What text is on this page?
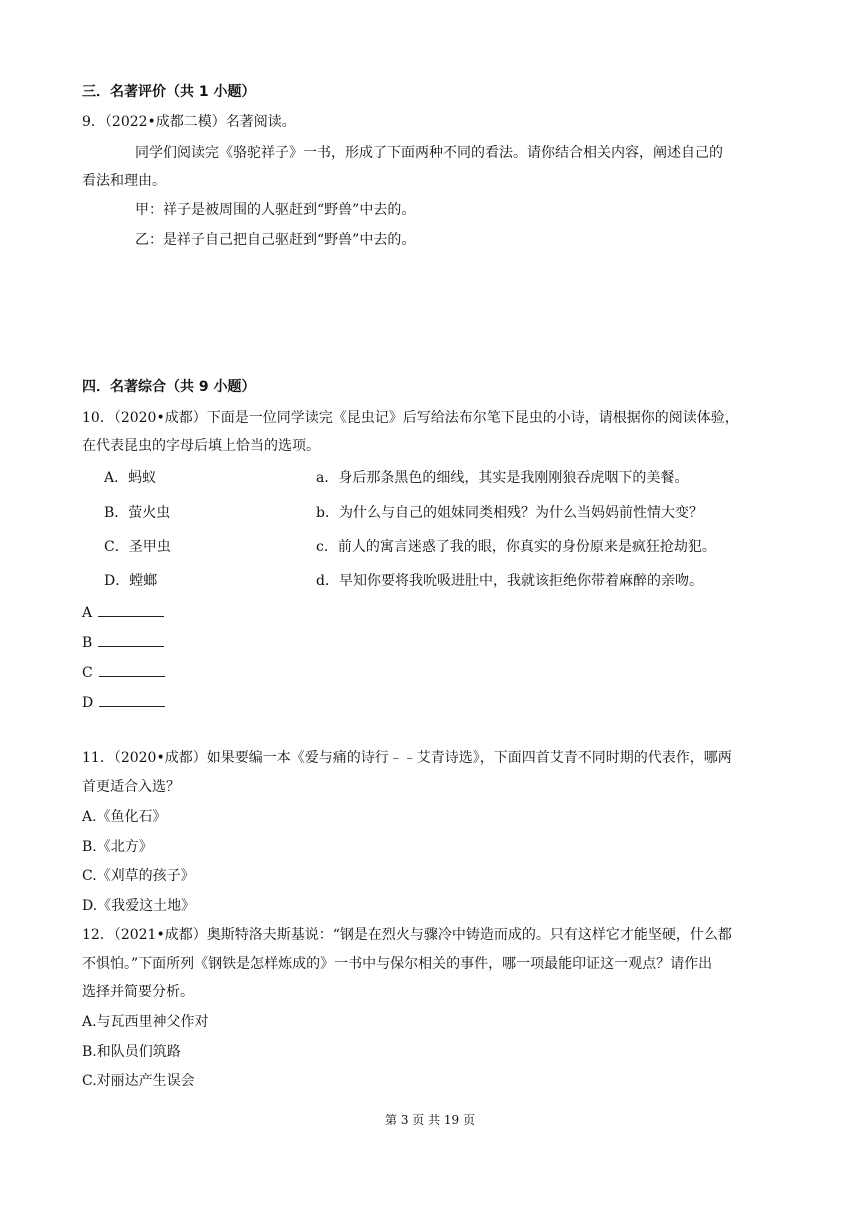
三．名著评价（共 1 小题）
9．（2022•成都二模）名著阅读。
同学们阅读完《骆驼祥子》一书，形成了下面两种不同的看法。请你结合相关内容，阐述自己的
看法和理由。
甲：祥子是被周围的人驱赶到“野兽”中去的。
乙：是祥子自己把自己驱赶到“野兽”中去的。
四．名著综合（共 9 小题）
10．（2020•成都）下面是一位同学读完《昆虫记》后写给法布尔笔下昆虫的小诗，请根据你的阅读体验，
在代表昆虫的字母后填上恰当的选项。
A．蚂蚁	a．身后那条黑色的细线，其实是我刚刚狼吞虎咽下的美餐。
B．萤火虫	b．为什么与自己的姐妹同类相残？为什么当妈妈前性情大变？
C．圣甲虫	c．前人的寓言迷惑了我的眼，你真实的身份原来是疯狂抢劫犯。
D．螳螂	d．早知你要将我吮吸进肚中，我就该拒绝你带着麻醉的亲吻。
A
B
C
D
11．（2020•成都）如果要编一本《爱与痛的诗行﹣﹣艾青诗选》，下面四首艾青不同时期的代表作，哪两
首更适合入选？
A.《鱼化石》
B.《北方》
C.《刈草的孩子》
D.《我爱这土地》
12．（2021•成都）奥斯特洛夫斯基说：“钢是在烈火与骤冷中铸造而成的。只有这样它才能坚硬，什么都
不惧怕。”下面所列《钢铁是怎样炼成的》一书中与保尔相关的事件，哪一项最能印证这一观点？请作出
选择并简要分析。
A.与瓦西里神父作对
B.和队员们筑路
C.对丽达产生误会
第 3 页 共 19 页
